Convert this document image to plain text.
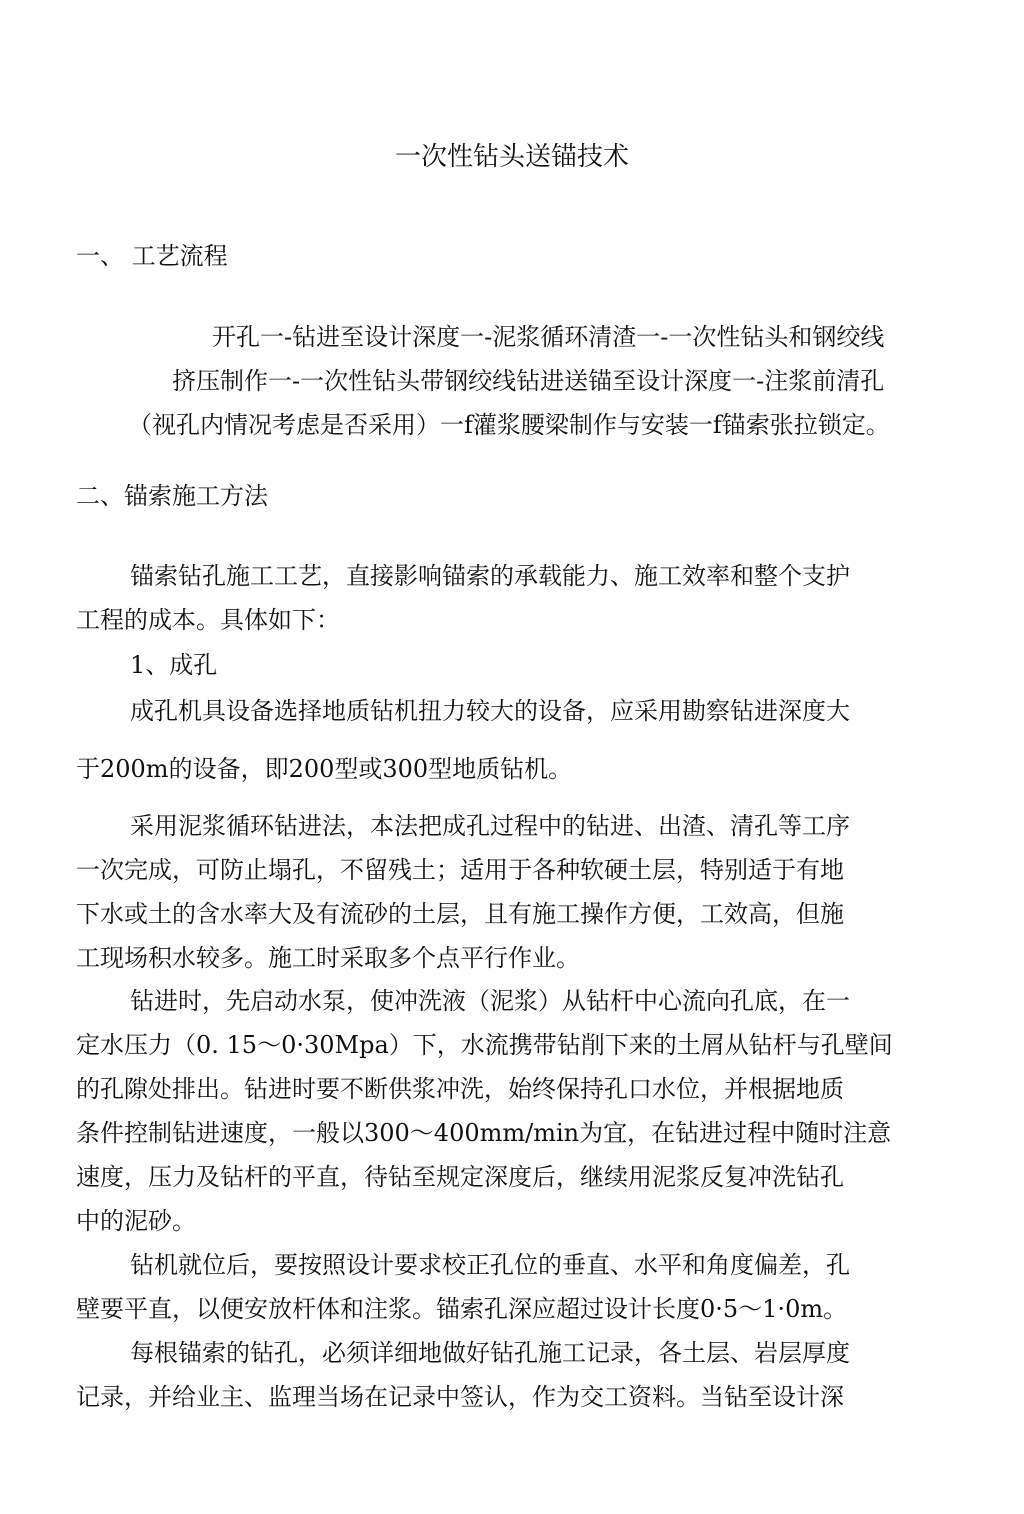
一次性钻头送锚技术
一、 工艺流程

开孔一-钻进至设计深度一-泥浆循环清渣一-一次性钻头和钢绞线

挤压制作一-一次性钻头带钢绞线钻进送锚至设计深度一-注浆前清孔

（视孔内情况考虑是否采用）一f灌浆腰梁制作与安装一f锚索张拉锁定。

二、锚索施工方法

锚索钻孔施工工艺，直接影响锚索的承载能力、施工效率和整个支护

工程的成本。具体如下：

1、成孔

成孔机具设备选择地质钻机扭力较大的设备，应采用勘察钻进深度大

于200m的设备，即200型或300型地质钻机。

采用泥浆循环钻进法，本法把成孔过程中的钻进、出渣、清孔等工序

一次完成，可防止塌孔，不留残土；适用于各种软硬土层，特别适于有地

下水或土的含水率大及有流砂的土层，且有施工操作方便，工效高，但施

工现场积水较多。施工时采取多个点平行作业。

钻进时，先启动水泵，使冲洗液（泥浆）从钻杆中心流向孔底，在一

定水压力（0. 15～0·30Mpa）下，水流携带钻削下来的土屑从钻杆与孔壁间

的孔隙处排出。钻进时要不断供浆冲洗，始终保持孔口水位，并根据地质

条件控制钻进速度，一般以300～400mm/min为宜，在钻进过程中随时注意

速度，压力及钻杆的平直，待钻至规定深度后，继续用泥浆反复冲洗钻孔

中的泥砂。

钻机就位后，要按照设计要求校正孔位的垂直、水平和角度偏差，孔

壁要平直，以便安放杆体和注浆。锚索孔深应超过设计长度0·5～1·0m。

每根锚索的钻孔，必须详细地做好钻孔施工记录，各土层、岩层厚度

记录，并给业主、监理当场在记录中签认，作为交工资料。当钻至设计深
